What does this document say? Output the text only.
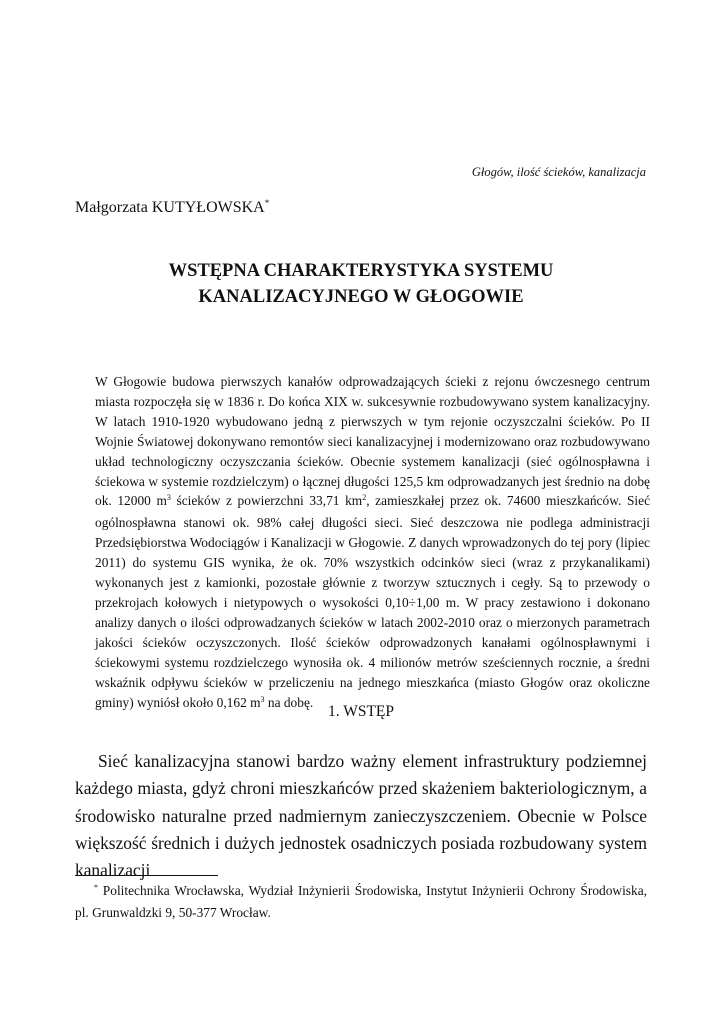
Głogów, ilość ścieków, kanalizacja
Małgorzata KUTYŁOWSKA*
WSTĘPNA CHARAKTERYSTYKA SYSTEMU
KANALIZACYJNEGO W GŁOGOWIE

W Głogowie budowa pierwszych kanałów odprowadzających ścieki z rejonu ówczesnego centrum miasta rozpoczęła się w 1836 r. Do końca XIX w. sukcesywnie rozbudowywano system kanalizacyjny. W latach 1910-1920 wybudowano jedną z pierwszych w tym rejonie oczyszczalni ścieków. Po II Wojnie Światowej dokonywano remontów sieci kanalizacyjnej i modernizowano oraz rozbudowywano układ technologiczny oczyszczania ścieków. Obecnie systemem kanalizacji (sieć ogólnospławna i ściekowa w systemie rozdzielczym) o łącznej długości 125,5 km odprowadzanych jest średnio na dobę ok. 12000 $m^3$ ścieków z powierzchni 33,71 $km^2$, zamieszkałej przez ok. 74600 mieszkańców. Sieć ogólnospławna stanowi ok. 98% całej długości sieci. Sieć deszczowa nie podlega administracji Przedsiębiorstwa Wodociągów i Kanalizacji w Głogowie. Z danych wprowadzonych do tej pory (lipiec 2011) do systemu GIS wynika, że ok. 70% wszystkich odcinków sieci (wraz z przykanalikami) wykonanych jest z kamionki, pozostałe głównie z tworzyw sztucznych i cegły. Są to przewody o przekrojach kołowych i nietypowych o wysokości 0,10÷1,00 m. W pracy zestawiono i dokonano analizy danych o ilości odprowadzanych ścieków w latach 2002-2010 oraz o mierzonych parametrach jakości ścieków oczyszczonych. Ilość ścieków odprowadzonych kanałami ogólnospławnymi i ściekowymi systemu rozdzielczego wynosiła ok. 4 milionów metrów sześciennych rocznie, a średni wskaźnik odpływu ścieków w przeliczeniu na jednego mieszkańca (miasto Głogów oraz okoliczne gminy) wyniósł około 0,162 $m^3$ na dobę.

1. WSTĘP

Sieć kanalizacyjna stanowi bardzo ważny element infrastruktury podziemnej każdego miasta, gdyż chroni mieszkańców przed skażeniem bakteriologicznym, a środowisko naturalne przed nadmiernym zanieczyszczeniem. Obecnie w Polsce większość średnich i dużych jednostek osadniczych posiada rozbudowany system kanalizacji

* Politechnika Wrocławska, Wydział Inżynierii Środowiska, Instytut Inżynierii Ochrony Środowiska, pl. Grunwaldzki 9, 50-377 Wrocław.
